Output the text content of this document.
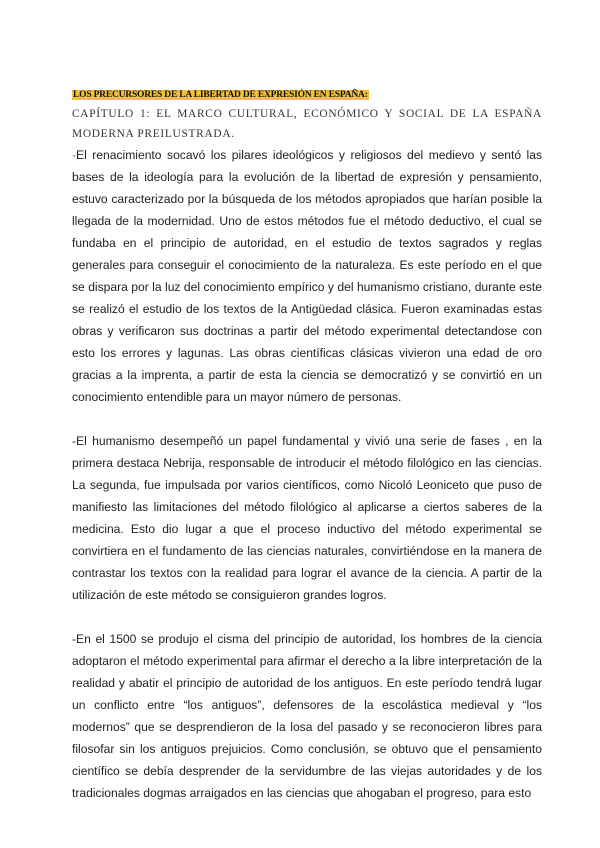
LOS PRECURSORES DE LA LIBERTAD DE EXPRESIÓN EN ESPAÑA:

CAPÍTULO 1: EL MARCO CULTURAL, ECONÓMICO Y SOCIAL DE LA ESPAÑA MODERNA PREILUSTRADA.

·El renacimiento socavó los pilares ideológicos y religiosos del medievo y sentó las bases de la ideología para la evolución de la libertad de expresión y pensamiento, estuvo caracterizado por la búsqueda de los métodos apropiados que harían posible la llegada de la modernidad. Uno de estos métodos fue el método deductivo, el cual se fundaba en el principio de autoridad, en el estudio de textos sagrados y reglas generales para conseguir el conocimiento de la naturaleza. Es este período en el que se dispara por la luz del conocimiento empírico y del humanismo cristiano, durante este se realizó el estudio de los textos de la Antigüedad clásica. Fueron examinadas estas obras y verificaron sus doctrinas a partir del método experimental detectandose con esto los errores y lagunas. Las obras científicas clásicas vivieron una edad de oro gracias a la imprenta, a partir de esta la ciencia se democratizó y se convirtió en un conocimiento entendible para un mayor número de personas.

-El humanismo desempeñó un papel fundamental y vivió una serie de fases , en la primera destaca Nebrija, responsable de introducir el método filológico en las ciencias. La segunda, fue impulsada por varios científicos, como Nicoló Leoniceto que puso de manifiesto las limitaciones del método filológico al aplicarse a ciertos saberes de la medicina. Esto dio lugar a que el proceso inductivo del método experimental se convirtiera en el fundamento de las ciencias naturales, convirtiéndose en la manera de contrastar los textos con la realidad para lograr el avance de la ciencia. A partir de la utilización de este método se consiguieron grandes logros.

-En el 1500 se produjo el cisma del principio de autoridad, los hombres de la ciencia adoptaron el método experimental para afirmar el derecho a la libre interpretación de la realidad y abatir el principio de autoridad de los antiguos. En este período tendrá lugar un conflicto entre “los antiguos”, defensores de la escolástica medieval y “los modernos” que se desprendieron de la losa del pasado y se reconocieron libres para filosofar sin los antiguos prejuicios. Como conclusión, se obtuvo que el pensamiento científico se debía desprender de la servidumbre de las viejas autoridades y de los tradicionales dogmas arraigados en las ciencias que ahogaban el progreso, para esto
